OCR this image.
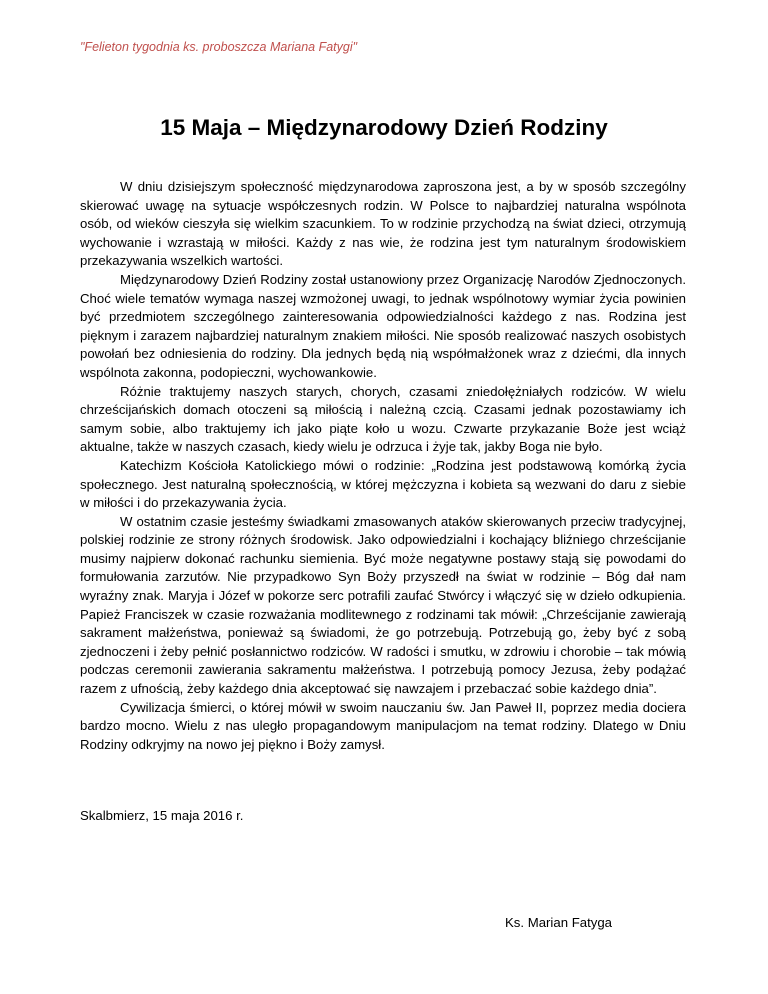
"Felieton tygodnia ks. proboszcza Mariana Fatygi"
15 Maja – Międzynarodowy Dzień Rodziny

W dniu dzisiejszym społeczność międzynarodowa zaproszona jest, a by w sposób szczególny skierować uwagę na sytuacje współczesnych rodzin. W Polsce to najbardziej naturalna wspólnota osób, od wieków cieszyła się wielkim szacunkiem. To w rodzinie przychodzą na świat dzieci, otrzymują wychowanie i wzrastają w miłości. Każdy z nas wie, że rodzina jest tym naturalnym środowiskiem przekazywania wszelkich wartości.

Międzynarodowy Dzień Rodziny został ustanowiony przez Organizację Narodów Zjednoczonych. Choć wiele tematów wymaga naszej wzmożonej uwagi, to jednak wspólnotowy wymiar życia powinien być przedmiotem szczególnego zainteresowania odpowiedzialności każdego z nas. Rodzina jest pięknym i zarazem najbardziej naturalnym znakiem miłości. Nie sposób realizować naszych osobistych powołań bez odniesienia do rodziny. Dla jednych będą nią współmałżonek wraz z dziećmi, dla innych wspólnota zakonna, podopieczni, wychowankowie.

Różnie traktujemy naszych starych, chorych, czasami zniedołężniałych rodziców. W wielu chrześcijańskich domach otoczeni są miłością i należną czcią. Czasami jednak pozostawiamy ich samym sobie, albo traktujemy ich jako piąte koło u wozu. Czwarte przykazanie Boże jest wciąż aktualne, także w naszych czasach, kiedy wielu je odrzuca i żyje tak, jakby Boga nie było.

Katechizm Kościoła Katolickiego mówi o rodzinie: „Rodzina jest podstawową komórką życia społecznego. Jest naturalną społecznością, w której mężczyzna i kobieta są wezwani do daru z siebie w miłości i do przekazywania życia.

W ostatnim czasie jesteśmy świadkami zmasowanych ataków skierowanych przeciw tradycyjnej, polskiej rodzinie ze strony różnych środowisk. Jako odpowiedzialni i kochający bliźniego chrześcijanie musimy najpierw dokonać rachunku siemienia. Być może negatywne postawy stają się powodami do formułowania zarzutów. Nie przypadkowo Syn Boży przyszedł na świat w rodzinie – Bóg dał nam wyraźny znak. Maryja i Józef w pokorze serc potrafili zaufać Stwórcy i włączyć się w dzieło odkupienia. Papież Franciszek w czasie rozważania modlitewnego z rodzinami tak mówił: „Chrześcijanie zawierają sakrament małżeństwa, ponieważ są świadomi, że go potrzebują. Potrzebują go, żeby być z sobą zjednoczeni i żeby pełnić posłannictwo rodziców. W radości i smutku, w zdrowiu i chorobie – tak mówią podczas ceremonii zawierania sakramentu małżeństwa. I potrzebują pomocy Jezusa, żeby podążać razem z ufnością, żeby każdego dnia akceptować się nawzajem i przebaczać sobie każdego dnia”.

Cywilizacja śmierci, o której mówił w swoim nauczaniu św. Jan Paweł II, poprzez media dociera bardzo mocno. Wielu z nas uległo propagandowym manipulacjom na temat rodziny. Dlatego w Dniu Rodziny odkryjmy na nowo jej piękno i Boży zamysł.

Skalbmierz, 15 maja 2016 r.
Ks. Marian Fatyga
